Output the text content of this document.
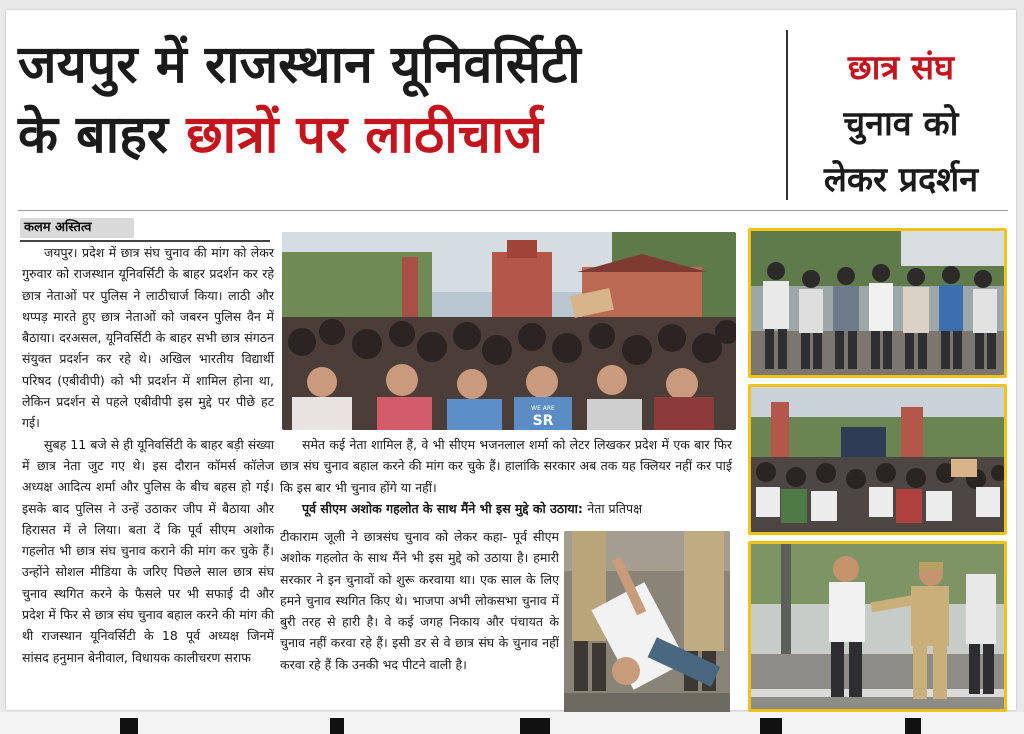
जयपुर में राजस्थान यूनिवर्सिटी
के बाहर छात्रों पर लाठीचार्ज
छात्र संघ
चुनाव को
लेकर प्रदर्शन
कलम अस्तित्व

जयपुर। प्रदेश में छात्र संघ चुनाव की मांग को लेकर गुरुवार को राजस्थान यूनिवर्सिटी के बाहर प्रदर्शन कर रहे छात्र नेताओं पर पुलिस ने लाठीचार्ज किया। लाठी और थप्पड़ मारते हुए छात्र नेताओं को जबरन पुलिस वैन में बैठाया। दरअसल, यूनिवर्सिटी के बाहर सभी छात्र संगठन संयुक्त प्रदर्शन कर रहे थे। अखिल भारतीय विद्यार्थी परिषद (एबीवीपी) को भी प्रदर्शन में शामिल होना था, लेकिन प्रदर्शन से पहले एबीवीपी इस मुद्दे पर पीछे हट गई।

सुबह 11 बजे से ही यूनिवर्सिटी के बाहर बड़ी संख्या में छात्र नेता जुट गए थे। इस दौरान कॉमर्स कॉलेज अध्यक्ष आदित्य शर्मा और पुलिस के बीच बहस हो गई। इसके बाद पुलिस ने उन्हें उठाकर जीप में बैठाया और हिरासत में ले लिया। बता दें कि पूर्व सीएम अशोक गहलोत भी छात्र संघ चुनाव कराने की मांग कर चुके हैं। उन्होंने सोशल मीडिया के जरिए पिछले साल छात्र संघ चुनाव स्थगित करने के फैसले पर भी सफाई दी और प्रदेश में फिर से छात्र संघ चुनाव बहाल करने की मांग की थी राजस्थान यूनिवर्सिटी के 18 पूर्व अध्यक्ष जिनमें सांसद हनुमान बेनीवाल, विधायक कालीचरण सराफ

WE ARE
SR

समेत कई नेता शामिल हैं, वे भी सीएम भजनलाल शर्मा को लेटर लिखकर प्रदेश में एक बार फिर छात्र संघ चुनाव बहाल करने की मांग कर चुके हैं। हालांकि सरकार अब तक यह क्लियर नहीं कर पाई कि इस बार भी चुनाव होंगे या नहीं।

पूर्व सीएम अशोक गहलोत के साथ मैंने भी इस मुद्दे को उठाया: नेता प्रतिपक्ष

टीकाराम जूली ने छात्रसंघ चुनाव को लेकर कहा- पूर्व सीएम अशोक गहलोत के साथ मैंने भी इस मुद्दे को उठाया है। हमारी सरकार ने इन चुनावों को शुरू करवाया था। एक साल के लिए हमने चुनाव स्थगित किए थे। भाजपा अभी लोकसभा चुनाव में बुरी तरह से हारी है। वे कई जगह निकाय और पंचायत के चुनाव नहीं करवा रहे हैं। इसी डर से वे छात्र संघ के चुनाव नहीं करवा रहे हैं कि उनकी भद पीटने वाली है।
